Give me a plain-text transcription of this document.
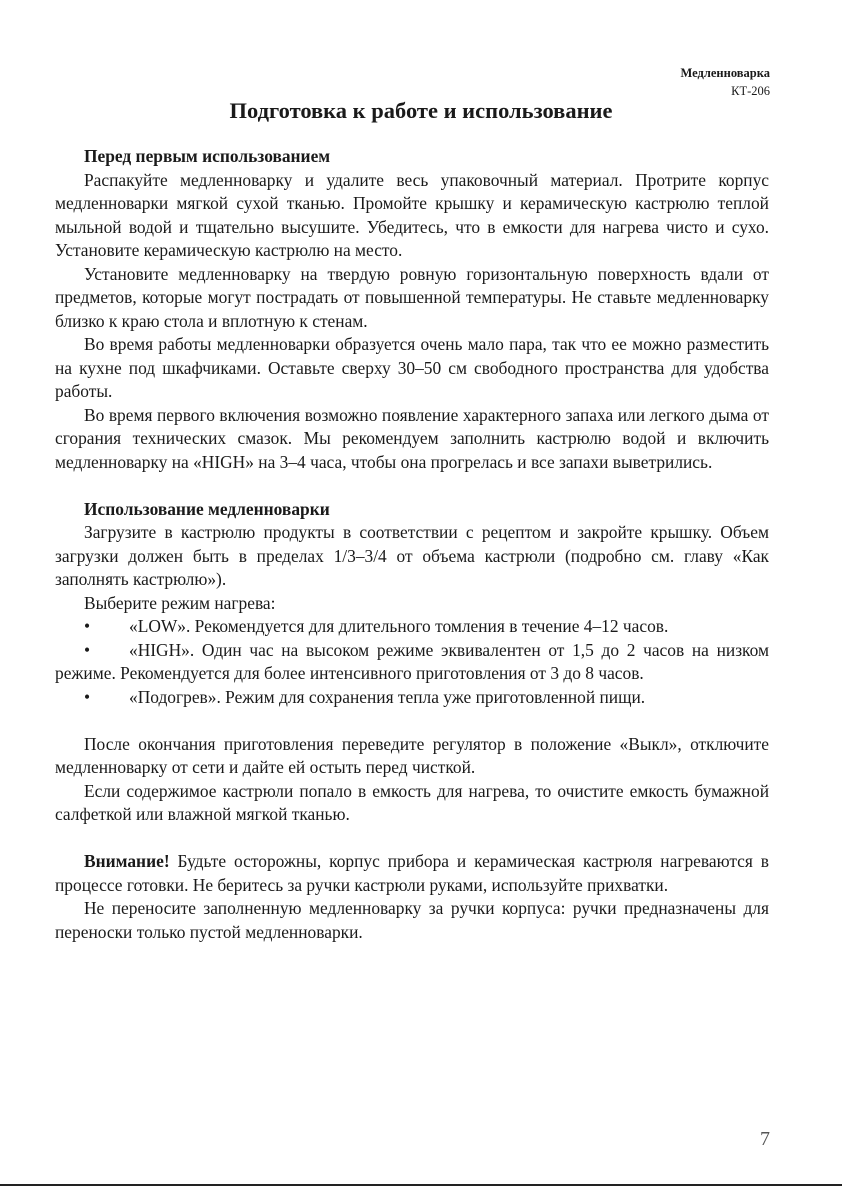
Медленноварка
КТ-206
Подготовка к работе и использование
Перед первым использованием

Распакуйте медленноварку и удалите весь упаковочный материал. Протрите корпус медленноварки мягкой сухой тканью. Промойте крышку и керамическую кастрюлю теплой мыльной водой и тщательно высушите. Убедитесь, что в емкости для нагрева чисто и сухо. Установите керамическую кастрюлю на место.

Установите медленноварку на твердую ровную горизонтальную поверхность вдали от предметов, которые могут пострадать от повышенной температуры. Не ставьте медленноварку близко к краю стола и вплотную к стенам.

Во время работы медленноварки образуется очень мало пара, так что ее можно разместить на кухне под шкафчиками. Оставьте сверху 30–50 см свободного пространства для удобства работы.

Во время первого включения возможно появление характерного запаха или легкого дыма от сгорания технических смазок. Мы рекомендуем заполнить кастрюлю водой и включить медленноварку на «HIGH» на 3–4 часа, чтобы она прогрелась и все запахи выветрились.

Использование медленноварки

Загрузите в кастрюлю продукты в соответствии с рецептом и закройте крышку. Объем загрузки должен быть в пределах 1/3–3/4 от объема кастрюли (подробно см. главу «Как заполнять кастрюлю»).

Выберите режим нагрева:

• «LOW». Рекомендуется для длительного томления в течение 4–12 часов.

• «HIGH». Один час на высоком режиме эквивалентен от 1,5 до 2 часов на низком режиме. Рекомендуется для более интенсивного приготовления от 3 до 8 часов.

• «Подогрев». Режим для сохранения тепла уже приготовленной пищи.

После окончания приготовления переведите регулятор в положение «Выкл», отключите медленноварку от сети и дайте ей остыть перед чисткой.

Если содержимое кастрюли попало в емкость для нагрева, то очистите емкость бумажной салфеткой или влажной мягкой тканью.

Внимание! Будьте осторожны, корпус прибора и керамическая кастрюля нагреваются в процессе готовки. Не беритесь за ручки кастрюли руками, используйте прихватки.

Не переносите заполненную медленноварку за ручки корпуса: ручки предназначены для переноски только пустой медленноварки.

7
